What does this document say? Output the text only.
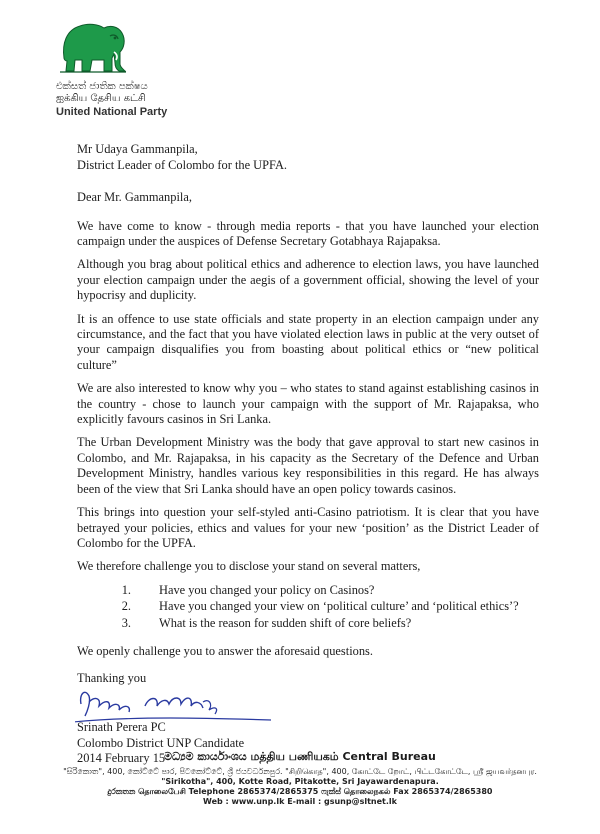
එක්සත් ජාතික පක්ෂය
ஐக்கிய தேசிய கட்சி
United National Party
Mr Udaya Gammanpila,
District Leader of Colombo for the UPFA.

Dear Mr. Gammanpila,

We have come to know - through media reports - that you have launched your election campaign under the auspices of Defense Secretary Gotabhaya Rajapaksa.

Although you brag about political ethics and adherence to election laws, you have launched your election campaign under the aegis of a government official, showing the level of your hypocrisy and duplicity.

It is an offence to use state officials and state property in an election campaign under any circumstance, and the fact that you have violated election laws in public at the very outset of your campaign disqualifies you from boasting about political ethics or “new political culture”

We are also interested to know why you – who states to stand against establishing casinos in the country - chose to launch your campaign with the support of Mr. Rajapaksa, who explicitly favours casinos in Sri Lanka.

The Urban Development Ministry was the body that gave approval to start new casinos in Colombo, and Mr. Rajapaksa, in his capacity as the Secretary of the Defence and Urban Development Ministry, handles various key responsibilities in this regard. He has always been of the view that Sri Lanka should have an open policy towards casinos.

This brings into question your self-styled anti-Casino patriotism. It is clear that you have betrayed your policies, ethics and values for your new ‘position’ as the District Leader of Colombo for the UPFA.

We therefore challenge you to disclose your stand on several matters,

1.	Have you changed your policy on Casinos?
2.	Have you changed your view on ‘political culture’ and ‘political ethics’?
3.	What is the reason for sudden shift of core beliefs?

We openly challenge you to answer the aforesaid questions.

Thanking you
Srinath Perera PC
Colombo District UNP Candidate
2014 February 15
මධ්‍යම කාර්යාංශය மத்திய பணியகம் Central Bureau
"සිරිකොත", 400, කෝට්ටේ පාර, පිටකෝට්ටේ, ශ්‍රී ජයවර්ධනපුර. "சிறிகொத", 400, கோட்டே றோட், பிட்டகோட்டே, ஸ்ரீ ஜயவர்தனபுர.
"Sirikotha", 400, Kotte Road, Pitakotte, Sri Jayawardenapura.
දුරකතන தொலைபேசி Telephone 2865374/2865375 ෆැක්ස් தொலைநகல் Fax 2865374/2865380
Web : www.unp.lk E-mail : gsunp@sltnet.lk
